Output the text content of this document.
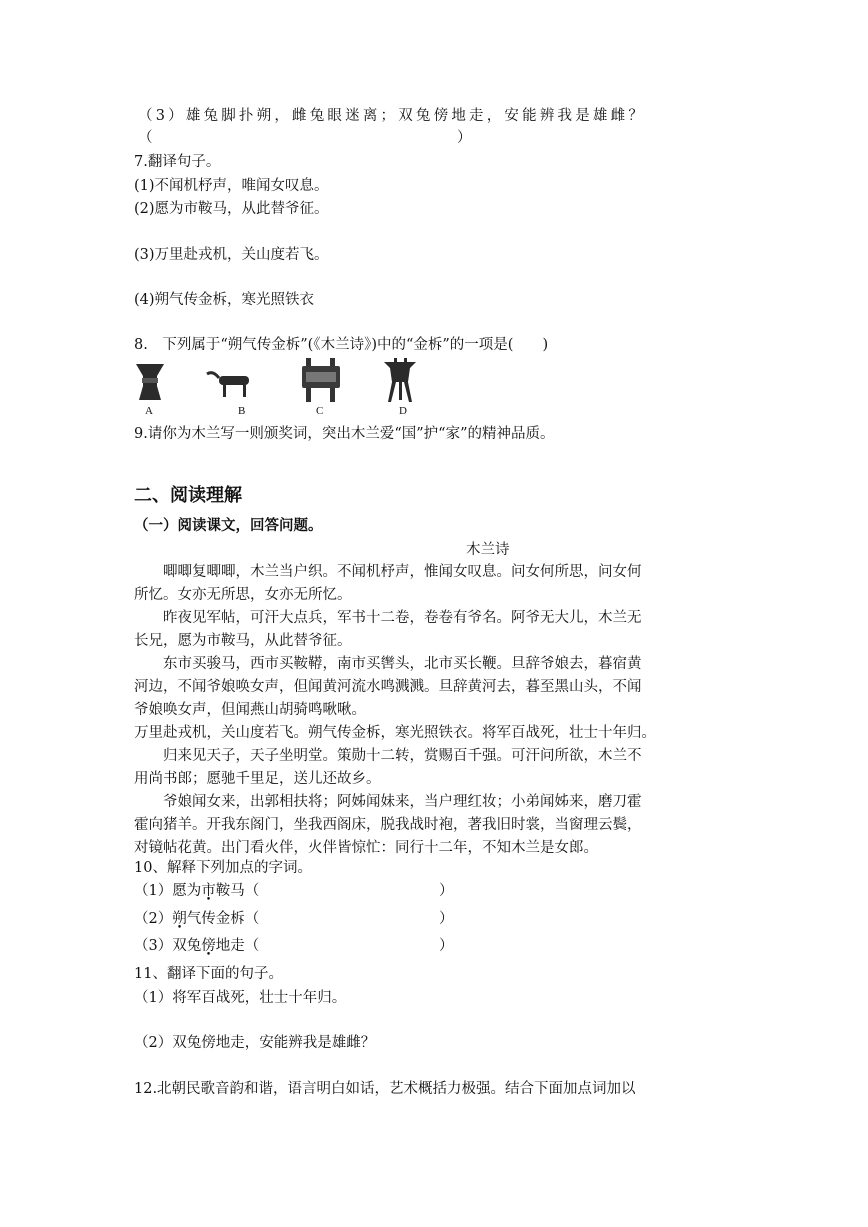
（3）雄兔脚扑朔，雌兔眼迷离；双兔傍地走，安能辨我是雄雌？
（　　　　　　　　　　　　　　　　　　　　　）
7.翻译句子。
(1)不闻机杼声，唯闻女叹息。
(2)愿为市鞍马，从此替爷征。
(3)万里赴戎机，关山度若飞。
(4)朔气传金柝，寒光照铁衣
8.　下列属于“朔气传金柝”(《木兰诗》)中的“金柝”的一项是(　　)
A	B	C	D
9.请你为木兰写一则颁奖词，突出木兰爱“国”护“家”的精神品质。
二、阅读理解
（一）阅读课文，回答问题。
木兰诗
　　唧唧复唧唧，木兰当户织。不闻机杼声，惟闻女叹息。问女何所思，问女何
所忆。女亦无所思，女亦无所忆。
　　昨夜见军帖，可汗大点兵，军书十二卷，卷卷有爷名。阿爷无大儿，木兰无
长兄，愿为市鞍马，从此替爷征。
　　东市买骏马，西市买鞍鞯，南市买辔头，北市买长鞭。旦辞爷娘去，暮宿黄
河边，不闻爷娘唤女声，但闻黄河流水鸣溅溅。旦辞黄河去，暮至黑山头，不闻
爷娘唤女声，但闻燕山胡骑鸣啾啾。
万里赴戎机，关山度若飞。朔气传金柝，寒光照铁衣。将军百战死，壮士十年归。
　　归来见天子，天子坐明堂。策勋十二转，赏赐百千强。可汗问所欲，木兰不
用尚书郎；愿驰千里足，送儿还故乡。
　　爷娘闻女来，出郭相扶将；阿姊闻妹来，当户理红妆；小弟闻姊来，磨刀霍
霍向猪羊。开我东阁门，坐我西阁床，脱我战时袍，著我旧时裳，当窗理云鬓，
对镜帖花黄。出门看火伴，火伴皆惊忙：同行十二年，不知木兰是女郎。
10、解释下列加点的字词。
（1）愿为市鞍马（	）
（2）朔气传金柝（	）
（3）双兔傍地走（	）
11、翻译下面的句子。
（1）将军百战死，壮士十年归。
（2）双兔傍地走，安能辨我是雄雌？
12.北朝民歌音韵和谐，语言明白如话，艺术概括力极强。结合下面加点词加以
